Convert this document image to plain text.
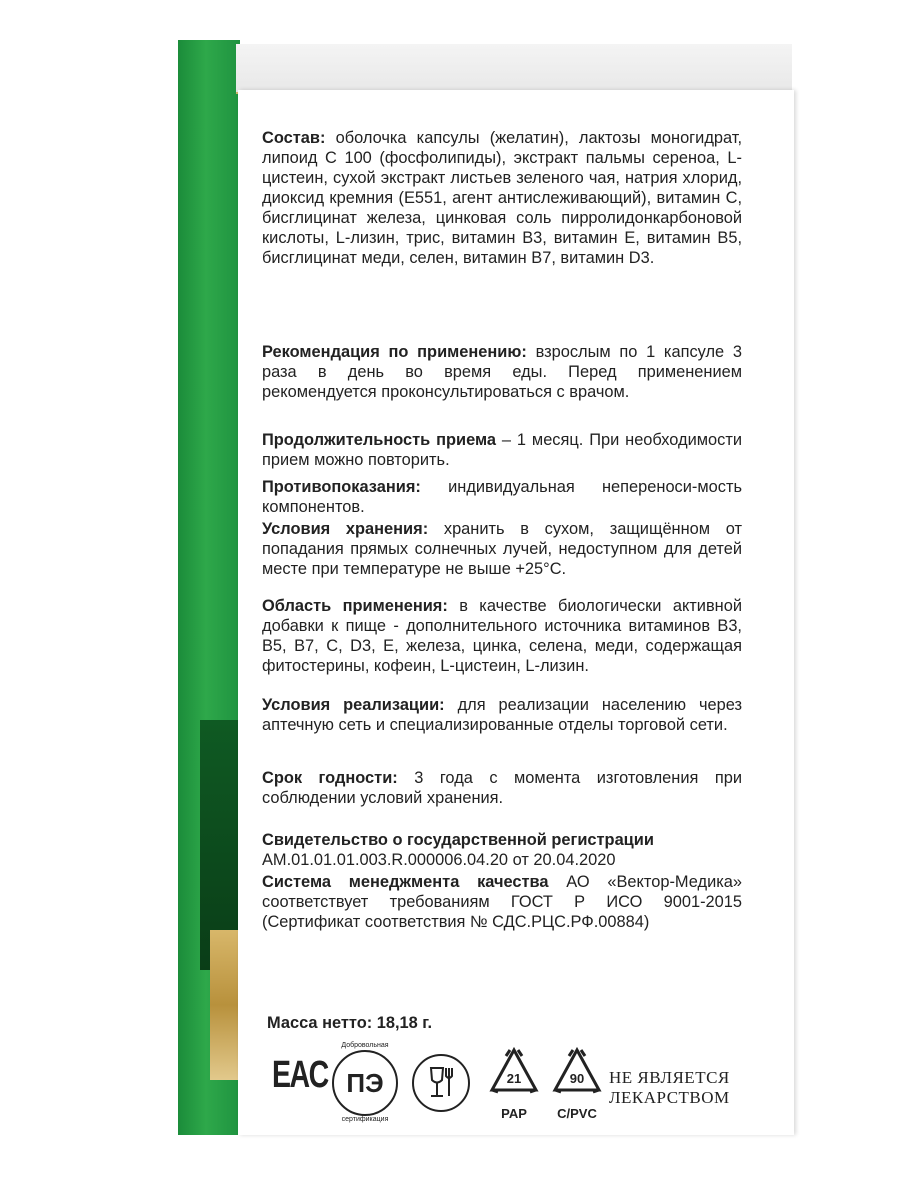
Состав: оболочка капсулы (желатин), лактозы моногидрат, липоид С 100 (фосфолипиды), экстракт пальмы сереноа, L-цистеин, сухой экстракт листьев зеленого чая, натрия хлорид, диоксид кремния (Е551, агент антислеживающий), витамин С, бисглицинат железа, цинковая соль пирролидонкарбоновой кислоты, L-лизин, трис, витамин В3, витамин Е, витамин В5, бисглицинат меди, селен, витамин В7, витамин D3.
Рекомендация по применению: взрослым по 1 капсуле 3 раза в день во время еды. Перед применением рекомендуется проконсультироваться с врачом.
Продолжительность приема – 1 месяц. При необходимости прием можно повторить.
Противопоказания: индивидуальная непереноси-мость компонентов.
Условия хранения: хранить в сухом, защищённом от попадания прямых солнечных лучей, недоступном для детей месте при температуре не выше +25°С.
Область применения: в качестве биологически активной добавки к пище - дополнительного источника витаминов В3, В5, В7, С, D3, Е, железа, цинка, селена, меди, содержащая фитостерины, кофеин, L-цистеин, L-лизин.
Условия реализации: для реализации населению через аптечную сеть и специализированные отделы торговой сети.
Срок годности: 3 года с момента изготовления при соблюдении условий хранения.
Свидетельство о государственной регистрации
АМ.01.01.01.003.R.000006.04.20 от 20.04.2020
Система менеджмента качества АО «Вектор-Медика» соответствует требованиям ГОСТ Р ИСО 9001-2015 (Сертификат соответствия № СДС.РЦС.РФ.00884)
Масса нетто: 18,18 г.
EAC
Добровольная
ПЭ
сертификация
21
PAP
90
C/PVC
НЕ ЯВЛЯЕТСЯ
ЛЕКАРСТВОМ
